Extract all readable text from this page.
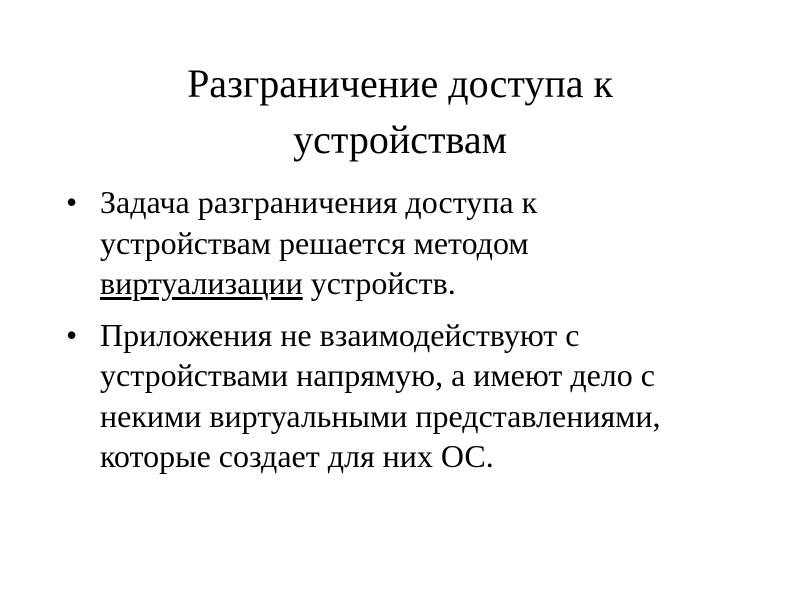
Разграничение доступа к
устройствам
• Задача разграничения доступа к
устройствам решается методом
виртуализации устройств.
• Приложения не взаимодействуют с
устройствами напрямую, а имеют дело с
некими виртуальными представлениями,
которые создает для них ОС.
